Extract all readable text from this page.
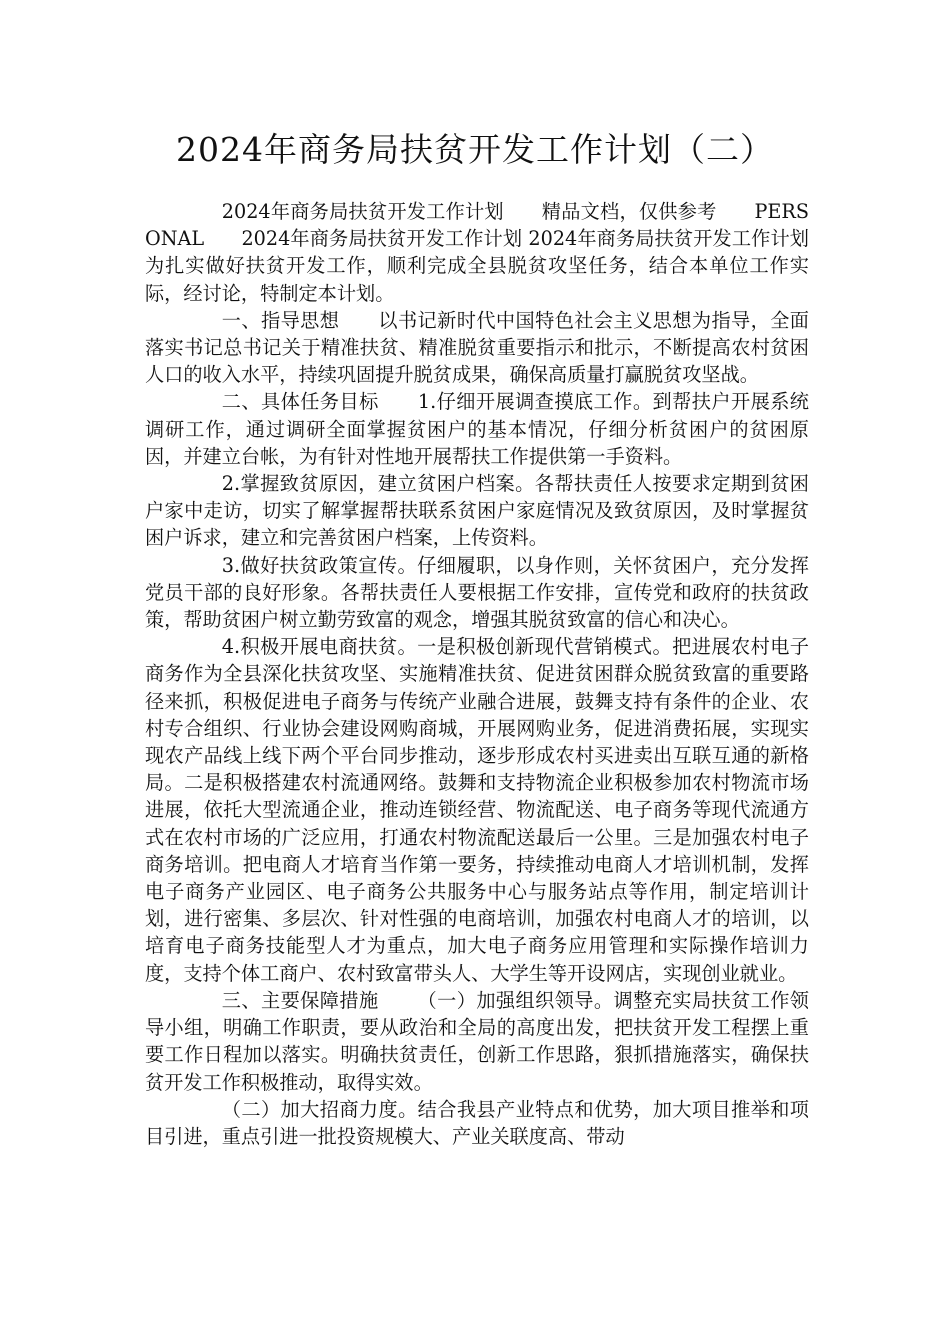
2024年商务局扶贫开发工作计划（二）

2024年商务局扶贫开发工作计划      精品文档，仅供参考      PERSONAL      2024年商务局扶贫开发工作计划 2024年商务局扶贫开发工作计划      为扎实做好扶贫开发工作，顺利完成全县脱贫攻坚任务，结合本单位工作实际，经讨论，特制定本计划。

一、指导思想      以书记新时代中国特色社会主义思想为指导，全面落实书记总书记关于精准扶贫、精准脱贫重要指示和批示，不断提高农村贫困人口的收入水平，持续巩固提升脱贫成果，确保高质量打赢脱贫攻坚战。

二、具体任务目标      1.仔细开展调查摸底工作。到帮扶户开展系统调研工作，通过调研全面掌握贫困户的基本情况，仔细分析贫困户的贫困原因，并建立台帐，为有针对性地开展帮扶工作提供第一手资料。

2.掌握致贫原因，建立贫困户档案。各帮扶责任人按要求定期到贫困户家中走访，切实了解掌握帮扶联系贫困户家庭情况及致贫原因，及时掌握贫困户诉求，建立和完善贫困户档案，上传资料。

3.做好扶贫政策宣传。仔细履职，以身作则，关怀贫困户，充分发挥党员干部的良好形象。各帮扶责任人要根据工作安排，宣传党和政府的扶贫政策，帮助贫困户树立勤劳致富的观念，增强其脱贫致富的信心和决心。

4.积极开展电商扶贫。一是积极创新现代营销模式。把进展农村电子商务作为全县深化扶贫攻坚、实施精准扶贫、促进贫困群众脱贫致富的重要路径来抓，积极促进电子商务与传统产业融合进展，鼓舞支持有条件的企业、农村专合组织、行业协会建设网购商城，开展网购业务，促进消费拓展，实现实现农产品线上线下两个平台同步推动，逐步形成农村买进卖出互联互通的新格局。二是积极搭建农村流通网络。鼓舞和支持物流企业积极参加农村物流市场进展，依托大型流通企业，推动连锁经营、物流配送、电子商务等现代流通方式在农村市场的广泛应用，打通农村物流配送最后一公里。三是加强农村电子商务培训。把电商人才培育当作第一要务，持续推动电商人才培训机制，发挥电子商务产业园区、电子商务公共服务中心与服务站点等作用，制定培训计划，进行密集、多层次、针对性强的电商培训，加强农村电商人才的培训，以培育电子商务技能型人才为重点，加大电子商务应用管理和实际操作培训力度，支持个体工商户、农村致富带头人、大学生等开设网店，实现创业就业。

三、主要保障措施      （一）加强组织领导。调整充实局扶贫工作领导小组，明确工作职责，要从政治和全局的高度出发，把扶贫开发工程摆上重要工作日程加以落实。明确扶贫责任，创新工作思路，狠抓措施落实，确保扶贫开发工作积极推动，取得实效。

（二）加大招商力度。结合我县产业特点和优势，加大项目推举和项目引进，重点引进一批投资规模大、产业关联度高、带动
